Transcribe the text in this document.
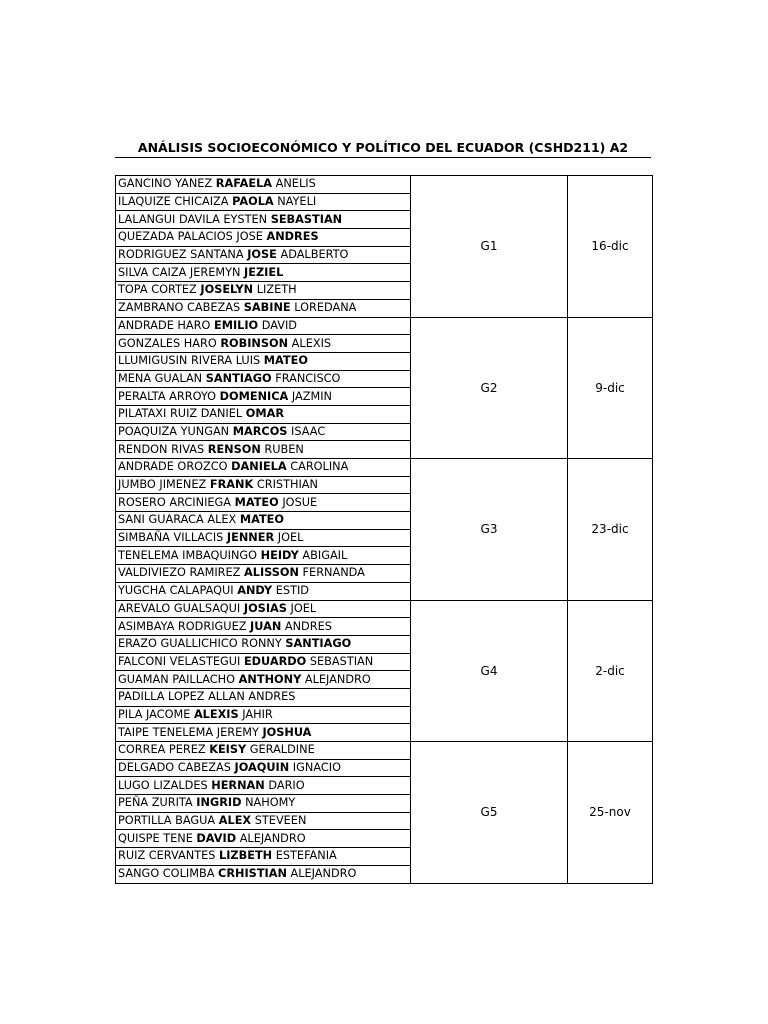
ANÁLISIS SOCIOECONÓMICO Y POLÍTICO DEL ECUADOR (CSHD211) A2
GANCINO YANEZ RAFAELA ANELIS	G1	16-dic
ILAQUIZE CHICAIZA PAOLA NAYELI		
LALANGUI DAVILA EYSTEN SEBASTIAN		
QUEZADA PALACIOS JOSE ANDRES		
RODRIGUEZ SANTANA JOSE ADALBERTO		
SILVA CAIZA JEREMYN JEZIEL		
TOPA CORTEZ JOSELYN LIZETH		
ZAMBRANO CABEZAS SABINE LOREDANA		
ANDRADE HARO EMILIO DAVID	G2	9-dic
GONZALES HARO ROBINSON ALEXIS		
LLUMIGUSIN RIVERA LUIS MATEO		
MENA GUALAN SANTIAGO FRANCISCO		
PERALTA ARROYO DOMENICA JAZMIN		
PILATAXI RUIZ DANIEL OMAR		
POAQUIZA YUNGAN MARCOS ISAAC		
RENDON RIVAS RENSON RUBEN		
ANDRADE OROZCO DANIELA CAROLINA	G3	23-dic
JUMBO JIMENEZ FRANK CRISTHIAN		
ROSERO ARCINIEGA MATEO JOSUE		
SANI GUARACA ALEX MATEO		
SIMBAÑA VILLACIS JENNER JOEL		
TENELEMA IMBAQUINGO HEIDY ABIGAIL		
VALDIVIEZO RAMIREZ ALISSON FERNANDA		
YUGCHA CALAPAQUI ANDY ESTID		
AREVALO GUALSAQUI JOSIAS JOEL	G4	2-dic
ASIMBAYA RODRIGUEZ JUAN ANDRES		
ERAZO GUALLICHICO RONNY SANTIAGO		
FALCONI VELASTEGUI EDUARDO SEBASTIAN		
GUAMAN PAILLACHO ANTHONY ALEJANDRO		
PADILLA LOPEZ ALLAN ANDRES		
PILA JACOME ALEXIS JAHIR		
TAIPE TENELEMA JEREMY JOSHUA		
CORREA PEREZ KEISY GERALDINE	G5	25-nov
DELGADO CABEZAS JOAQUIN IGNACIO		
LUGO LIZALDES HERNAN DARIO		
PEÑA ZURITA INGRID NAHOMY		
PORTILLA BAGUA ALEX STEVEEN		
QUISPE TENE DAVID ALEJANDRO		
RUIZ CERVANTES LIZBETH ESTEFANIA		
SANGO COLIMBA CRHISTIAN ALEJANDRO		
